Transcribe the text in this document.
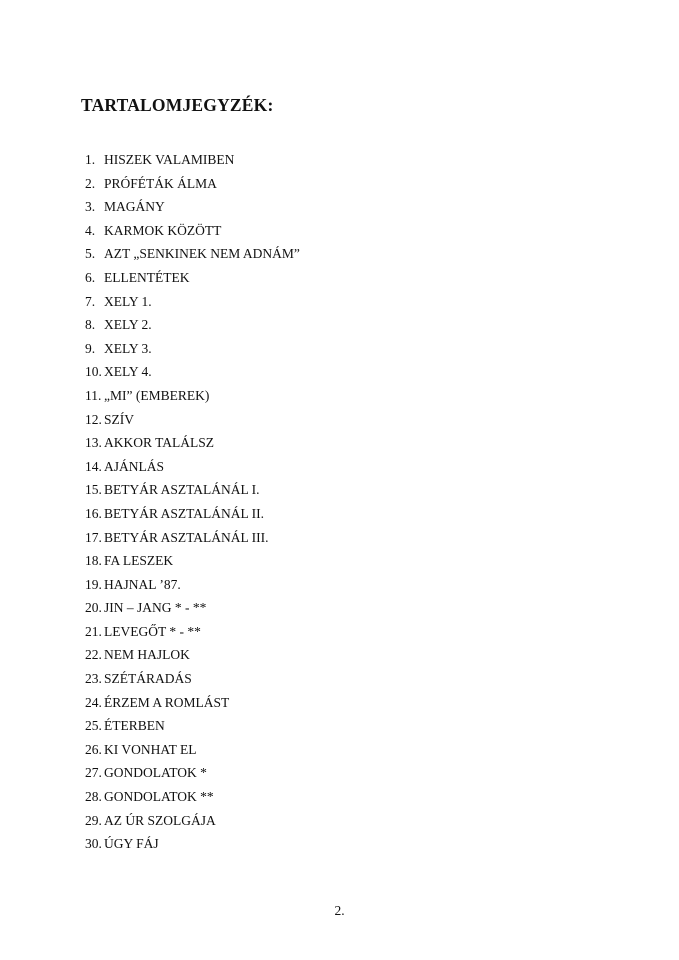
TARTALOMJEGYZÉK:
1. HISZEK VALAMIBEN
2. PRÓFÉTÁK ÁLMA
3. MAGÁNY
4. KARMOK KÖZÖTT
5. AZT „SENKINEK NEM ADNÁM”
6. ELLENTÉTEK
7. XELY 1.
8. XELY 2.
9. XELY 3.
10. XELY 4.
11. „MI” (EMBEREK)
12. SZÍV
13. AKKOR TALÁLSZ
14. AJÁNLÁS
15. BETYÁR ASZTALÁNÁL I.
16. BETYÁR ASZTALÁNÁL II.
17. BETYÁR ASZTALÁNÁL III.
18. FA LESZEK
19. HAJNAL ’87.
20. JIN – JANG * - **
21. LEVEGŐT * - **
22. NEM HAJLOK
23. SZÉTÁRADÁS
24. ÉRZEM A ROMLÁST
25. ÉTERBEN
26. KI VONHAT EL
27. GONDOLATOK *
28. GONDOLATOK **
29. AZ ÚR SZOLGÁJA
30. ÚGY FÁJ
2.
